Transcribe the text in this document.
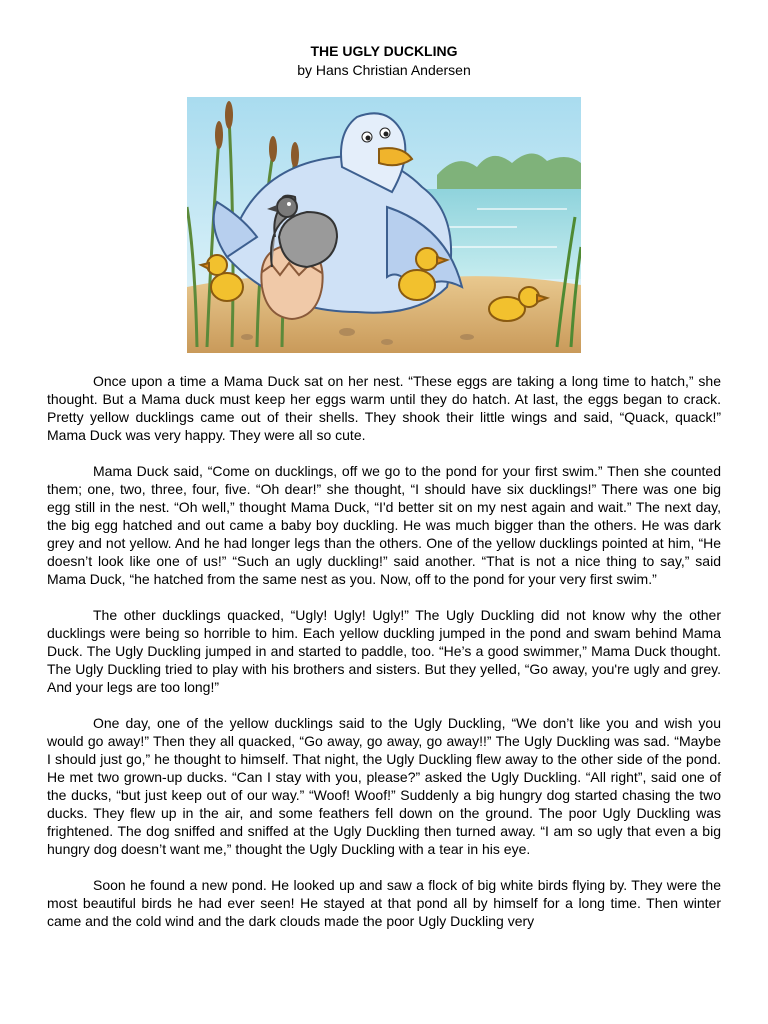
THE UGLY DUCKLING
by Hans Christian Andersen

Once upon a time a Mama Duck sat on her nest. “These eggs are taking a long time to hatch,” she thought. But a Mama duck must keep her eggs warm until they do hatch. At last, the eggs began to crack. Pretty yellow ducklings came out of their shells. They shook their little wings and said, “Quack, quack!” Mama Duck was very happy. They were all so cute.

Mama Duck said, “Come on ducklings, off we go to the pond for your first swim.” Then she counted them; one, two, three, four, five. “Oh dear!” she thought, “I should have six ducklings!” There was one big egg still in the nest. “Oh well,” thought Mama Duck, “I'd better sit on my nest again and wait.” The next day, the big egg hatched and out came a baby boy duckling. He was much bigger than the others. He was dark grey and not yellow. And he had longer legs than the others. One of the yellow ducklings pointed at him, “He doesn’t look like one of us!” “Such an ugly duckling!” said another. “That is not a nice thing to say,” said Mama Duck, “he hatched from the same nest as you. Now, off to the pond for your very first swim.”

The other ducklings quacked, “Ugly! Ugly! Ugly!” The Ugly Duckling did not know why the other ducklings were being so horrible to him. Each yellow duckling jumped in the pond and swam behind Mama Duck. The Ugly Duckling jumped in and started to paddle, too. “He’s a good swimmer,” Mama Duck thought. The Ugly Duckling tried to play with his brothers and sisters. But they yelled, “Go away, you're ugly and grey. And your legs are too long!”

One day, one of the yellow ducklings said to the Ugly Duckling, “We don’t like you and wish you would go away!” Then they all quacked, “Go away, go away, go away!!” The Ugly Duckling was sad. “Maybe I should just go,” he thought to himself. That night, the Ugly Duckling flew away to the other side of the pond. He met two grown-up ducks. “Can I stay with you, please?” asked the Ugly Duckling. “All right”, said one of the ducks, “but just keep out of our way.” “Woof! Woof!” Suddenly a big hungry dog started chasing the two ducks. They flew up in the air, and some feathers fell down on the ground. The poor Ugly Duckling was frightened. The dog sniffed and sniffed at the Ugly Duckling then turned away. “I am so ugly that even a big hungry dog doesn’t want me,” thought the Ugly Duckling with a tear in his eye.

Soon he found a new pond. He looked up and saw a flock of big white birds flying by. They were the most beautiful birds he had ever seen! He stayed at that pond all by himself for a long time. Then winter came and the cold wind and the dark clouds made the poor Ugly Duckling very
